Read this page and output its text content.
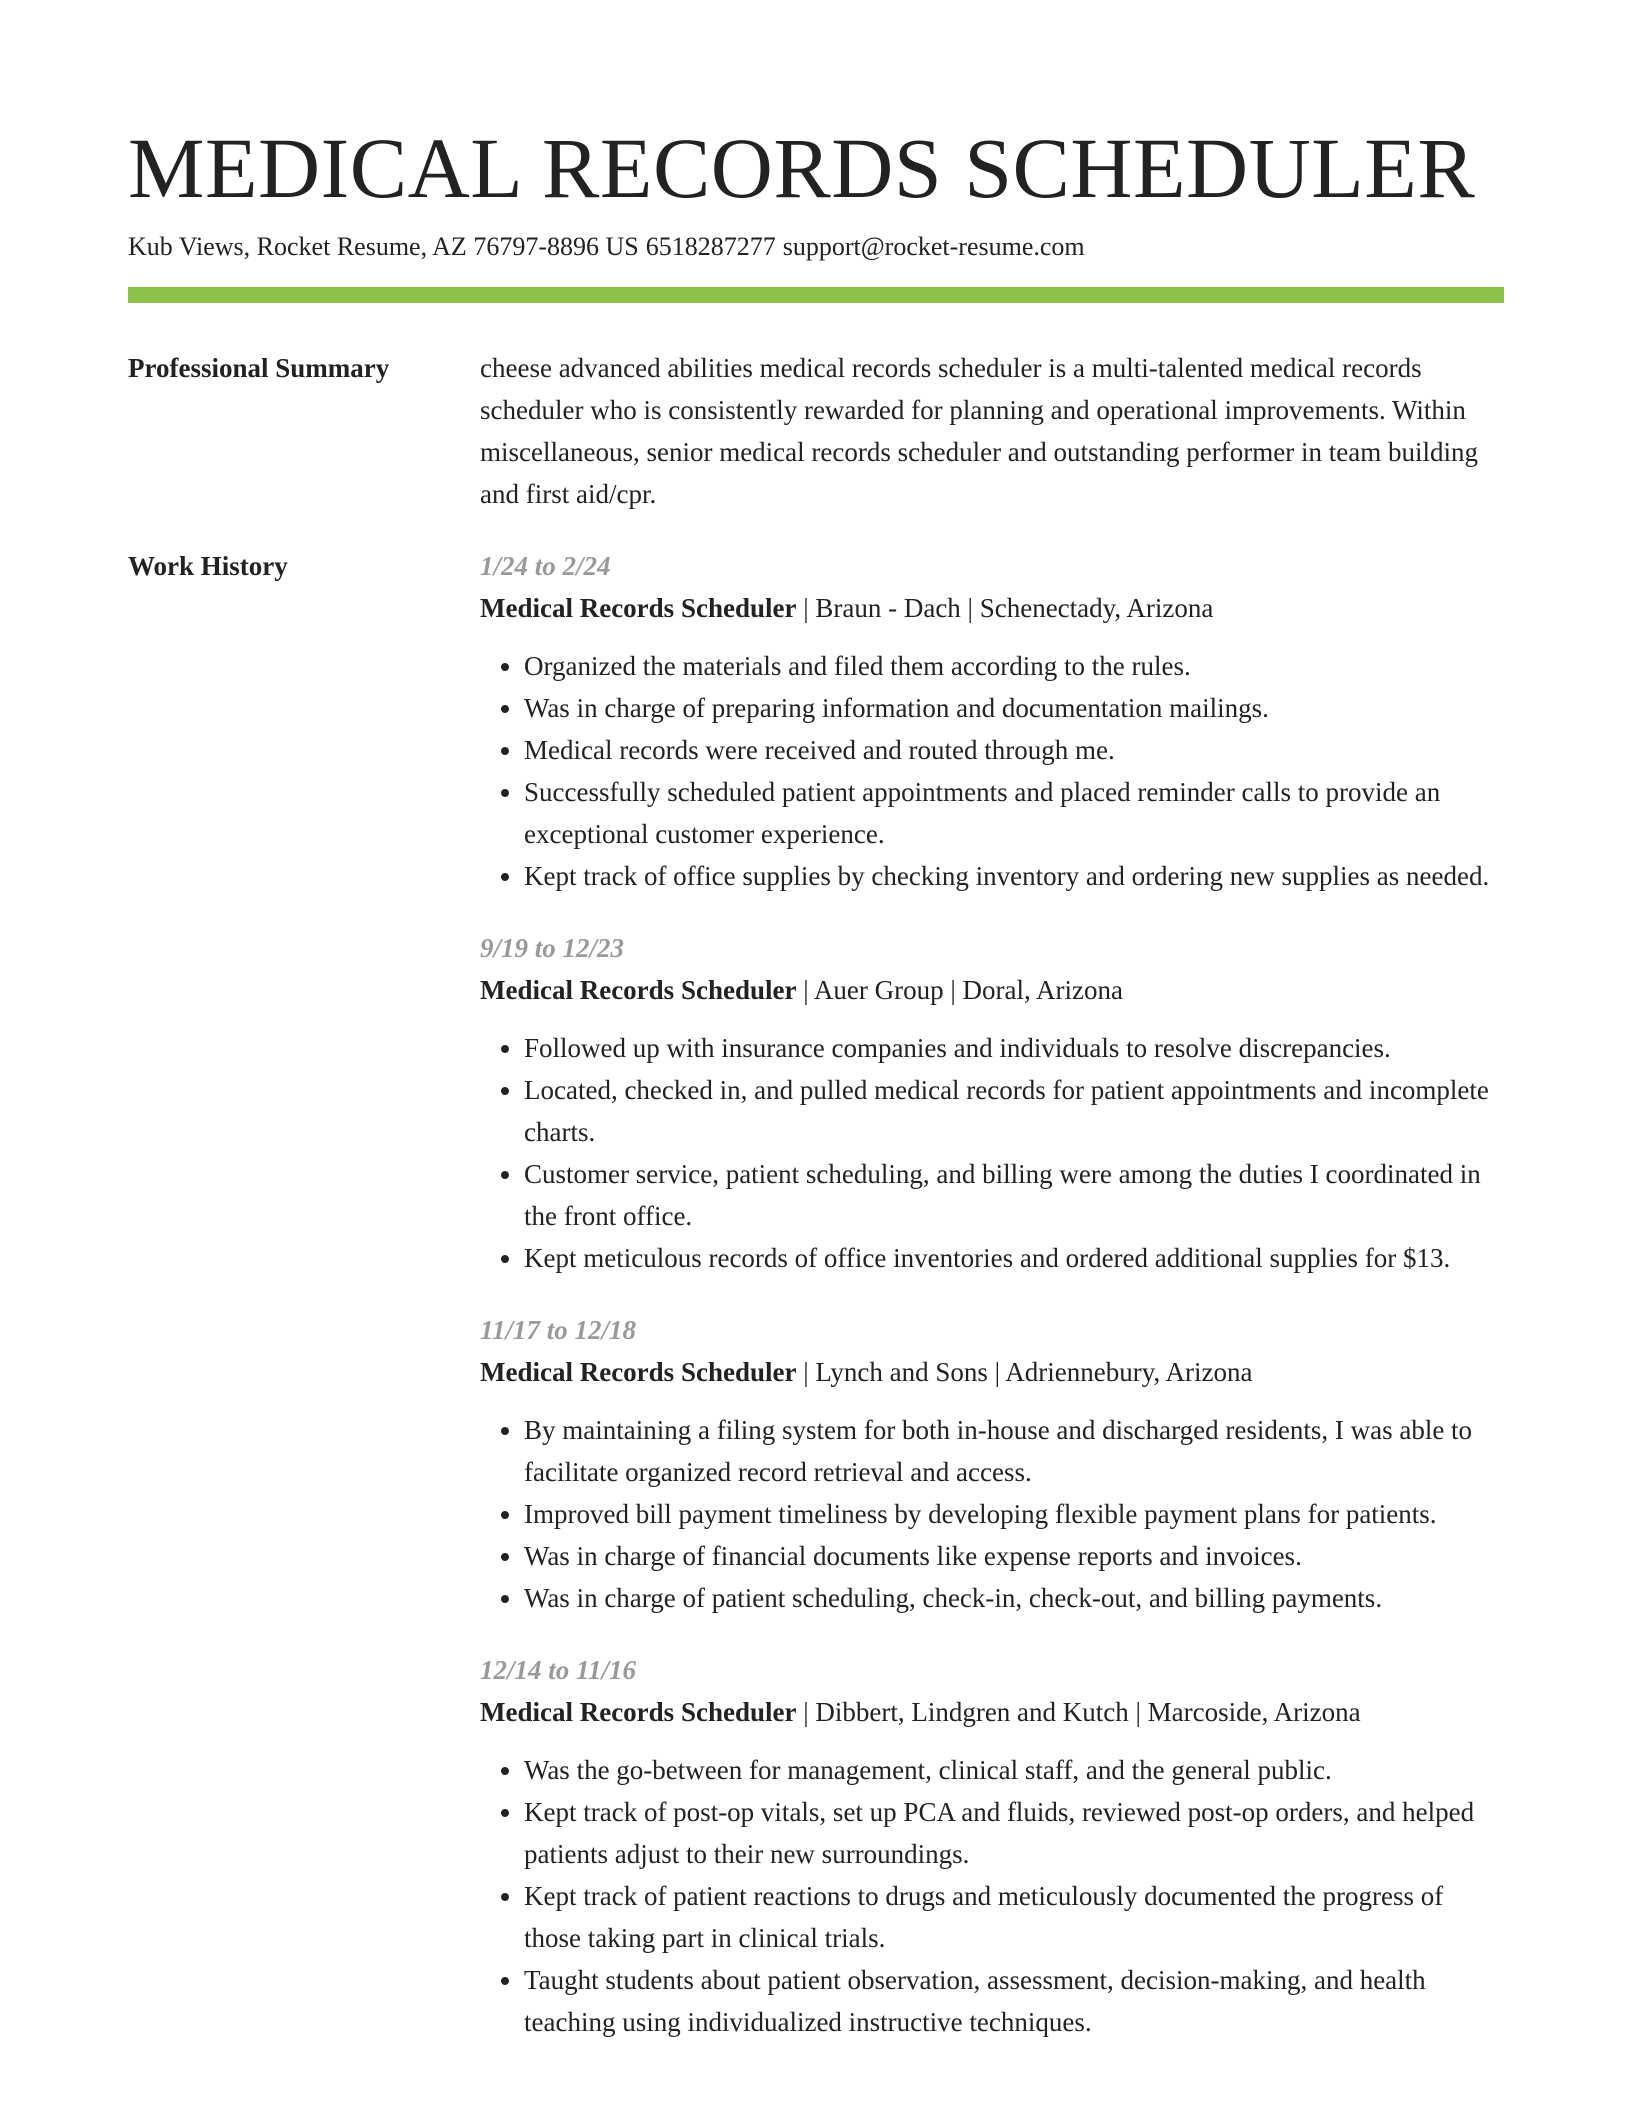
MEDICAL RECORDS SCHEDULER
Kub Views, Rocket Resume, AZ 76797-8896 US 6518287277 support@rocket-resume.com
Professional Summary	cheese advanced abilities medical records scheduler is a multi-talented medical records scheduler who is consistently rewarded for planning and operational improvements. Within miscellaneous, senior medical records scheduler and outstanding performer in team building and first aid/cpr.

Work History	1/24 to 2/24
Medical Records Scheduler | Braun - Dach | Schenectady, Arizona
• Organized the materials and filed them according to the rules.
• Was in charge of preparing information and documentation mailings.
• Medical records were received and routed through me.
• Successfully scheduled patient appointments and placed reminder calls to provide an exceptional customer experience.
• Kept track of office supplies by checking inventory and ordering new supplies as needed.
9/19 to 12/23
Medical Records Scheduler | Auer Group | Doral, Arizona
• Followed up with insurance companies and individuals to resolve discrepancies.
• Located, checked in, and pulled medical records for patient appointments and incomplete charts.
• Customer service, patient scheduling, and billing were among the duties I coordinated in the front office.
• Kept meticulous records of office inventories and ordered additional supplies for $13.
11/17 to 12/18
Medical Records Scheduler | Lynch and Sons | Adriennebury, Arizona
• By maintaining a filing system for both in-house and discharged residents, I was able to facilitate organized record retrieval and access.
• Improved bill payment timeliness by developing flexible payment plans for patients.
• Was in charge of financial documents like expense reports and invoices.
• Was in charge of patient scheduling, check-in, check-out, and billing payments.
12/14 to 11/16
Medical Records Scheduler | Dibbert, Lindgren and Kutch | Marcoside, Arizona
• Was the go-between for management, clinical staff, and the general public.
• Kept track of post-op vitals, set up PCA and fluids, reviewed post-op orders, and helped patients adjust to their new surroundings.
• Kept track of patient reactions to drugs and meticulously documented the progress of those taking part in clinical trials.
• Taught students about patient observation, assessment, decision-making, and health teaching using individualized instructive techniques.
